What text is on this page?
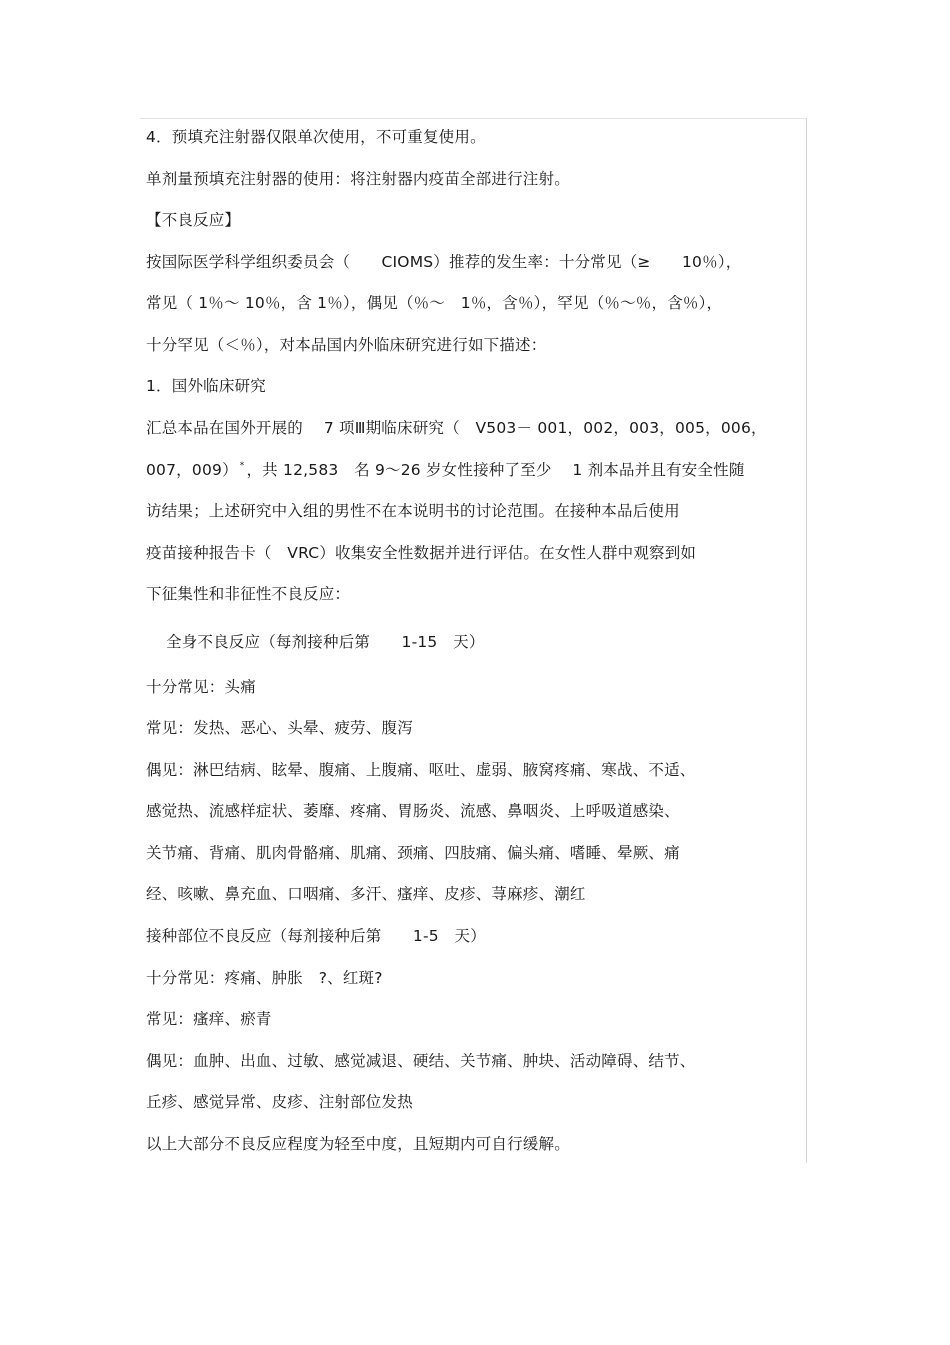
4．预填充注射器仅限单次使用，不可重复使用。
单剂量预填充注射器的使用：将注射器内疫苗全部进行注射。
【不良反应】
按国际医学科学组织委员会（　　CIOMS）推荐的发生率：十分常见（≥　　10％），
常见（ 1％～ 10％，含 1％），偶见（％～　1％，含％），罕见（％～％，含％），
十分罕见（＜％），对本品国内外临床研究进行如下描述：
1．国外临床研究
汇总本品在国外开展的　 7 项Ⅲ期临床研究（　V503－ 001，002，003，005，006，
007，009） * ，共 12,583　名 9～26 岁女性接种了至少　 1 剂本品并且有安全性随
访结果；上述研究中入组的男性不在本说明书的讨论范围。在接种本品后使用
疫苗接种报告卡（　VRC）收集安全性数据并进行评估。在女性人群中观察到如
下征集性和非征性不良反应：
全身不良反应（每剂接种后第　　1-15　天）
十分常见：头痛
常见：发热、恶心、头晕、疲劳、腹泻
偶见：淋巴结病、眩晕、腹痛、上腹痛、呕吐、虚弱、腋窝疼痛、寒战、不适、
感觉热、流感样症状、萎靡、疼痛、胃肠炎、流感、鼻咽炎、上呼吸道感染、
关节痛、背痛、肌肉骨骼痛、肌痛、颈痛、四肢痛、偏头痛、嗜睡、晕厥、痛
经、咳嗽、鼻充血、口咽痛、多汗、瘙痒、皮疹、荨麻疹、潮红
接种部位不良反应（每剂接种后第　　1-5　天）
十分常见：疼痛、肿胀　?、红斑?
常见：瘙痒、瘀青
偶见：血肿、出血、过敏、感觉减退、硬结、关节痛、肿块、活动障碍、结节、
丘疹、感觉异常、皮疹、注射部位发热
以上大部分不良反应程度为轻至中度，且短期内可自行缓解。
